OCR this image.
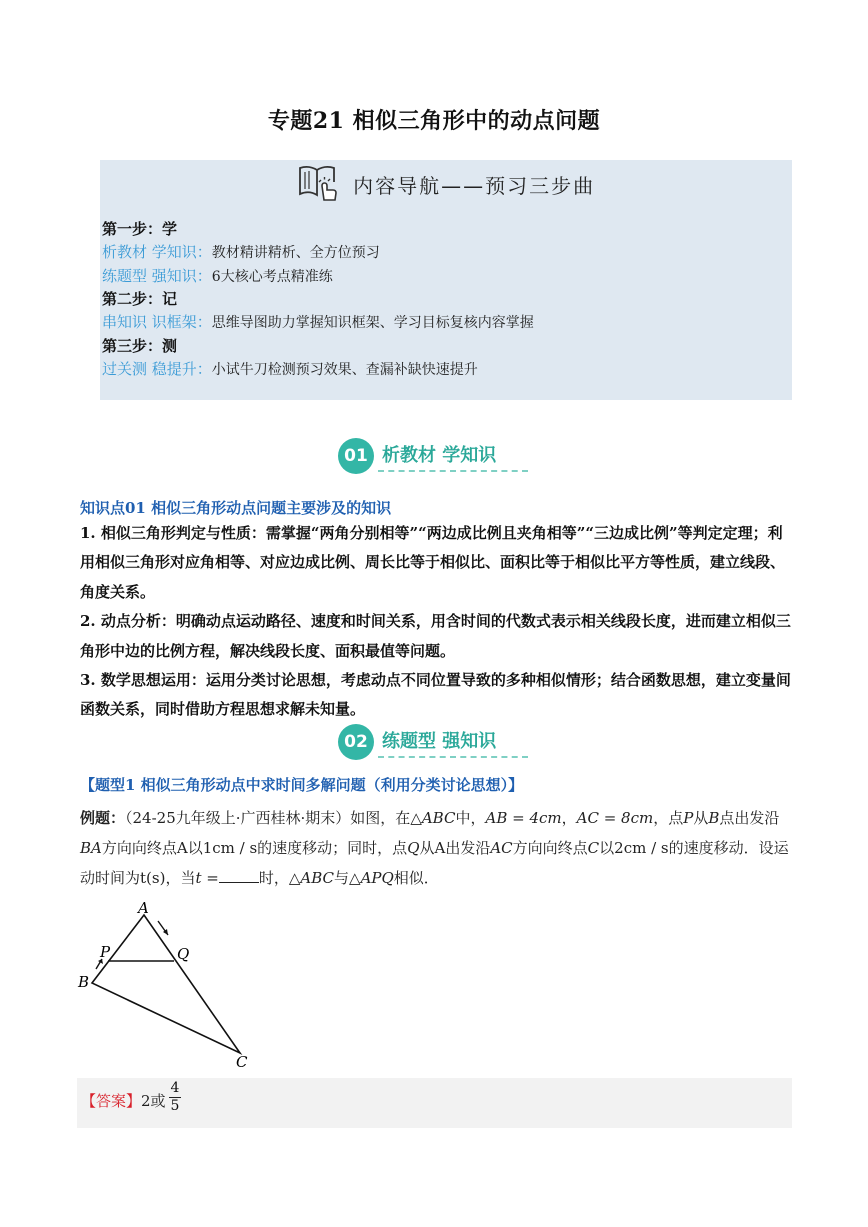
专题21 相似三角形中的动点问题
内容导航——预习三步曲
第一步：学
析教材 学知识：教材精讲精析、全方位预习
练题型 强知识：6大核心考点精准练
第二步：记
串知识 识框架：思维导图助力掌握知识框架、学习目标复核内容掌握
第三步：测
过关测 稳提升：小试牛刀检测预习效果、查漏补缺快速提升
01 析教材 学知识
知识点01 相似三角形动点问题主要涉及的知识

1. 相似三角形判定与性质：需掌握“两角分别相等”“两边成比例且夹角相等”“三边成比例”等判定定理；利用相似三角形对应角相等、对应边成比例、周长比等于相似比、面积比等于相似比平方等性质，建立线段、角度关系。

2. 动点分析：明确动点运动路径、速度和时间关系，用含时间的代数式表示相关线段长度，进而建立相似三角形中边的比例方程，解决线段长度、面积最值等问题。

3. 数学思想运用：运用分类讨论思想，考虑动点不同位置导致的多种相似情形；结合函数思想，建立变量间函数关系，同时借助方程思想求解未知量。

02 练题型 强知识
【题型1 相似三角形动点中求时间多解问题（利用分类讨论思想）】
例题：（24-25九年级上·广西桂林·期末）如图，在△ABC中，AB = 4cm，AC = 8cm，点P从B点出发沿BA方向向终点A以1cm / s的速度移动；同时，点Q从A出发沿AC方向向终点C以2cm / s的速度移动．设运动时间为t(s)，当t =	时，△ABC与△APQ相似．
A
B
C
P	Q
【答案】 2或 $\frac{4}{5}$
